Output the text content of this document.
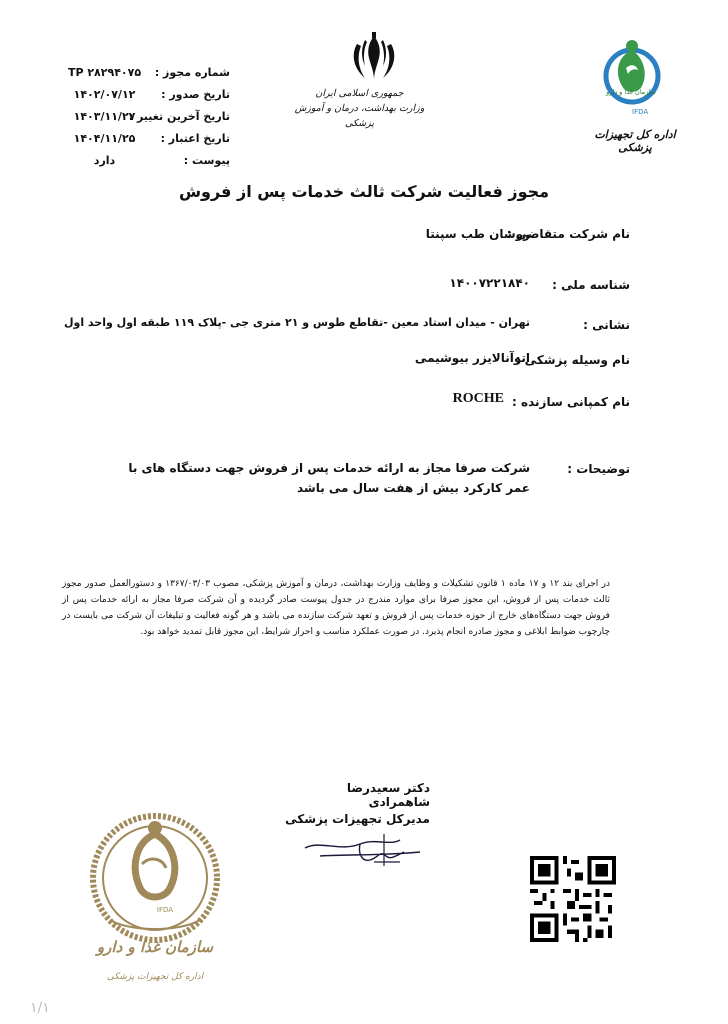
شماره مجوز :
TP ۲۸۲۹۴۰۷۵
تاریخ صدور :
۱۴۰۲/۰۷/۱۲
تاریخ آخرین تغییر :
۱۴۰۳/۱۱/۲۷
تاریخ اعتبار :
۱۴۰۴/۱۱/۲۵
پیوست :
دارد
جمهوری اسلامی ایران
وزارت بهداشت، درمان و آموزش پزشکی
سازمان غذا و دارو
IFDA
اداره کل تجهیزات پزشکی
مجوز فعالیت شرکت ثالث خدمات پس از فروش
نام شرکت متقاضی :
روشان طب سپنتا
شناسه ملی :
۱۴۰۰۷۲۲۱۸۴۰
نشانی :
تهران - میدان استاد معین -تقاطع طوس و ۲۱ متری جی -پلاک ۱۱۹ طبقه اول واحد اول
نام وسیله پزشکی :
اتوآنالایزر بیوشیمی
نام کمپانی سازنده :
ROCHE
توضیحات :
شرکت صرفا مجاز به ارائه خدمات پس از فروش جهت دستگاه های با عمر کارکرد بیش از هفت سال می باشد
در اجرای بند ۱۲ و ۱۷ ماده ۱ قانون تشکیلات و وظایف وزارت بهداشت، درمان و آموزش پزشکی، مصوب ۱۳۶۷/۰۳/۰۳ و دستورالعمل صدور مجوز ثالث خدمات پس از فروش، این مجوز صرفا برای موارد مندرج در جدول پیوست صادر گردیده و آن شرکت صرفا مجاز به ارائه خدمات پس از فروش جهت دستگاه‌های خارج از حوزه خدمات پس از فروش و تعهد شرکت سازنده می باشد و هر گونه فعالیت و تبلیغات آن شرکت می بایست در چارچوب ضوابط ابلاغی و مجوز صادره انجام پذیرد. در صورت عملکرد مناسب و احراز شرایط، این مجوز قابل تمدید خواهد بود.
دکتر سعیدرضا شاهمرادی
مدیرکل تجهیزات پزشکی
IFDA
سازمان غذا و دارو
اداره کل تجهیزات پزشکی
۱/۱
